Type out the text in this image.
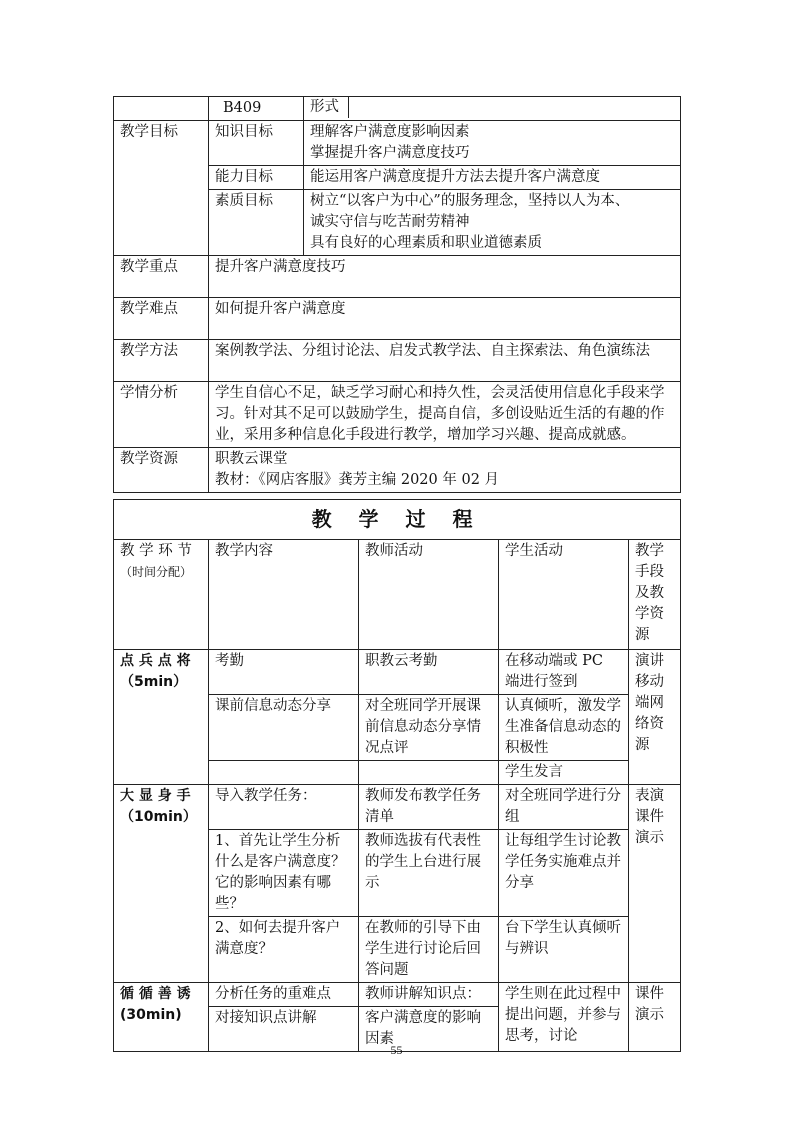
	B409	形式

教学目标	知识目标	理解客户满意度影响因素
掌握提升客户满意度技巧

	能力目标	能运用客户满意度提升方法去提升客户满意度
	素质目标	树立“以客户为中心”的服务理念，坚持以人为本、
诚实守信与吃苦耐劳精神
具有良好的心理素质和职业道德素质

教学重点	提升客户满意度技巧	
教学难点	如何提升客户满意度	
教学方法	案例教学法、分组讨论法、启发式教学法、自主探索法、角色演练法	
学情分析	学生自信心不足，缺乏学习耐心和持久性，会灵活使用信息化手段来学习。针对其不足可以鼓励学生，提高自信，多创设贴近生活的有趣的作业，采用多种信息化手段进行教学，增加学习兴趣、提高成就感。	
教学资源	职教云课堂
教材：《网店客服》龚芳主编 2020 年 02 月	
教 学 过 程				

教 学 环 节
（时间分配）	教学内容	教师活动	学生活动	教学手段及教学资源

点 兵 点 将
（5min）	考勤	职教云考勤	在移动端或 PC 端进行签到	演讲移动端网络资源
	课前信息动态分享	对全班同学开展课前信息动态分享情况点评	认真倾听，激发学生准备信息动态的积极性	
			学生发言	

大 显 身 手
（10min）	导入教学任务：	教师发布教学任务清单	对全班同学进行分组	表演课件演示
	1、首先让学生分析什么是客户满意度？它的影响因素有哪些？	教师选拔有代表性的学生上台进行展示	让每组学生讨论教学任务实施难点并分享	
	2、如何去提升客户满意度？	在教师的引导下由学生进行讨论后回答问题	台下学生认真倾听与辨识	

循 循 善 诱
(30min)	分析任务的重难点	教师讲解知识点：	学生则在此过程中提出问题，并参与思考，讨论	课件演示
	对接知识点讲解	客户满意度的影响因素		
55
